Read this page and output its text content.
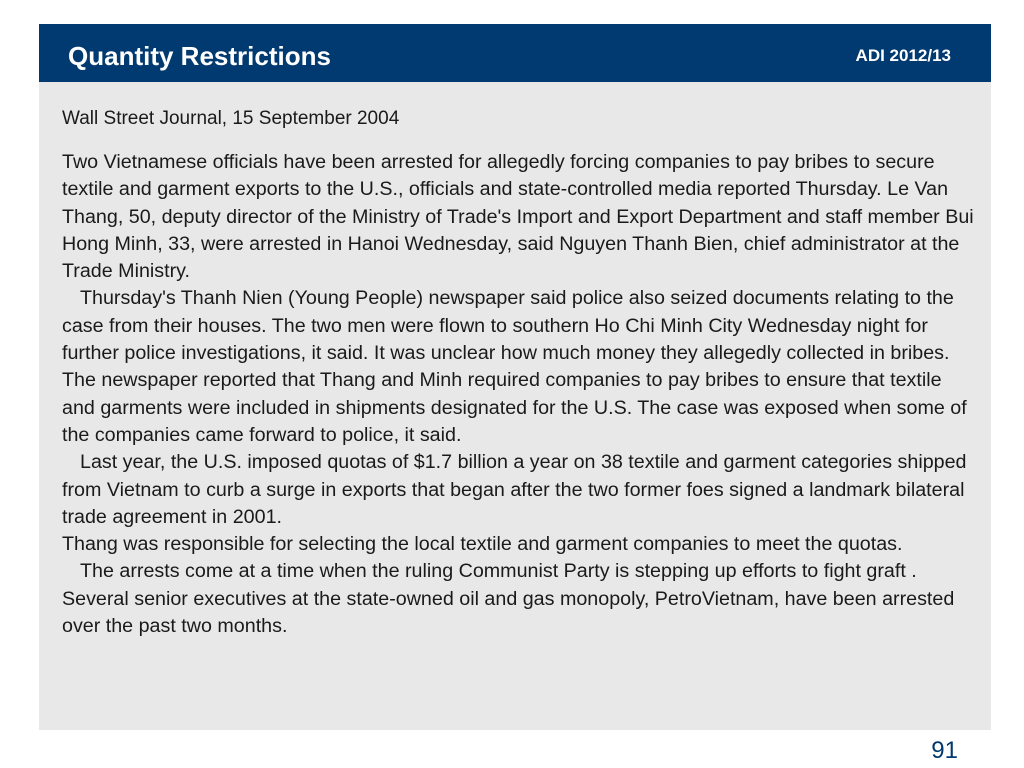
Quantity Restrictions	ADI 2012/13
Wall Street Journal, 15 September 2004

Two Vietnamese officials have been arrested for allegedly forcing companies to pay bribes to secure textile and garment exports to the U.S., officials and state-controlled media reported Thursday. Le Van Thang, 50, deputy director of the Ministry of Trade's Import and Export Department and staff member Bui Hong Minh, 33, were arrested in Hanoi Wednesday, said Nguyen Thanh Bien, chief administrator at the Trade Ministry.

Thursday's Thanh Nien (Young People) newspaper said police also seized documents relating to the case from their houses. The two men were flown to southern Ho Chi Minh City Wednesday night for further police investigations, it said. It was unclear how much money they allegedly collected in bribes.

The newspaper reported that Thang and Minh required companies to pay bribes to ensure that textile and garments were included in shipments designated for the U.S. The case was exposed when some of the companies came forward to police, it said.

Last year, the U.S. imposed quotas of $1.7 billion a year on 38 textile and garment categories shipped from Vietnam to curb a surge in exports that began after the two former foes signed a landmark bilateral trade agreement in 2001.

Thang was responsible for selecting the local textile and garment companies to meet the quotas.

The arrests come at a time when the ruling Communist Party is stepping up efforts to fight graft . Several senior executives at the state-owned oil and gas monopoly, PetroVietnam, have been arrested over the past two months.

91
